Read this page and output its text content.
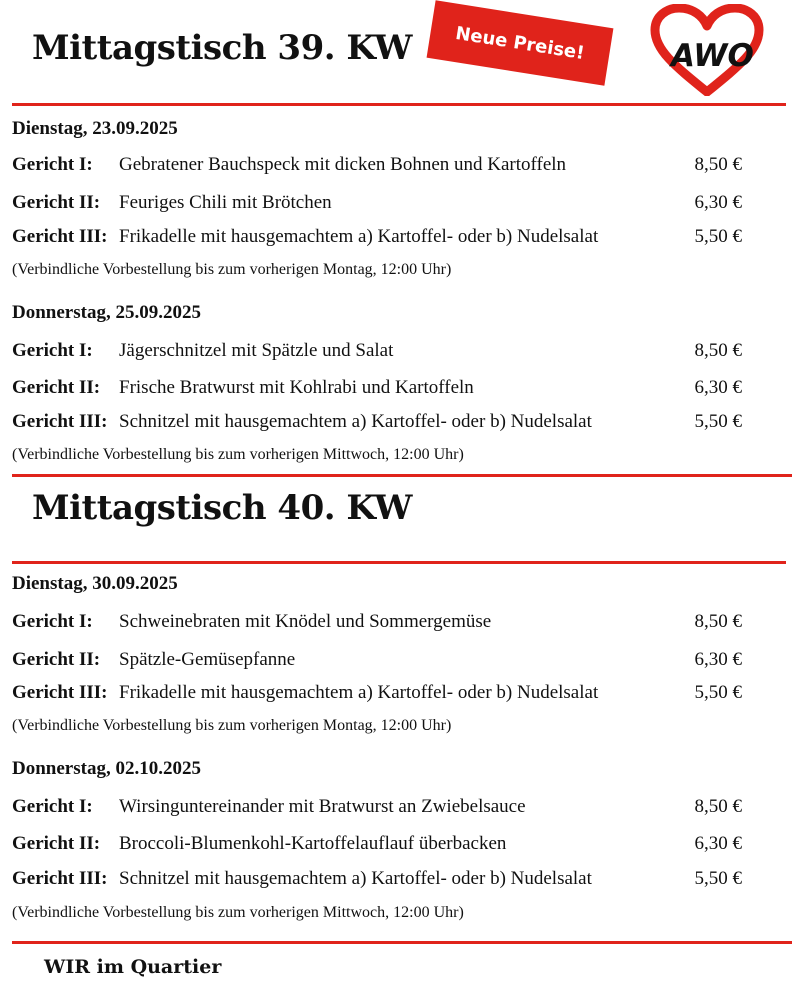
Mittagstisch 39. KW Neue Preise!	AWO
Dienstag, 23.09.2025
Gericht I: Gebratener Bauchspeck mit dicken Bohnen und Kartoffeln	8,50 €
Gericht II: Feuriges Chili mit Brötchen	6,30 €
Gericht III: Frikadelle mit hausgemachtem a) Kartoffel- oder b) Nudelsalat	5,50 €
(Verbindliche Vorbestellung bis zum vorherigen Montag, 12:00 Uhr)
Donnerstag, 25.09.2025
Gericht I: Jägerschnitzel mit Spätzle und Salat	8,50 €
Gericht II: Frische Bratwurst mit Kohlrabi und Kartoffeln	6,30 €
Gericht III: Schnitzel mit hausgemachtem a) Kartoffel- oder b) Nudelsalat	5,50 €
(Verbindliche Vorbestellung bis zum vorherigen Mittwoch, 12:00 Uhr)
Mittagstisch 40. KW
Dienstag, 30.09.2025
Gericht I: Schweinebraten mit Knödel und Sommergemüse	8,50 €
Gericht II: Spätzle-Gemüsepfanne	6,30 €
Gericht III: Frikadelle mit hausgemachtem a) Kartoffel- oder b) Nudelsalat	5,50 €
(Verbindliche Vorbestellung bis zum vorherigen Montag, 12:00 Uhr)
Donnerstag, 02.10.2025
Gericht I: Wirsinguntereinander mit Bratwurst an Zwiebelsauce	8,50 €
Gericht II: Broccoli-Blumenkohl-Kartoffelauflauf überbacken	6,30 €
Gericht III: Schnitzel mit hausgemachtem a) Kartoffel- oder b) Nudelsalat	5,50 €
(Verbindliche Vorbestellung bis zum vorherigen Mittwoch, 12:00 Uhr)
WIR im Quartier
